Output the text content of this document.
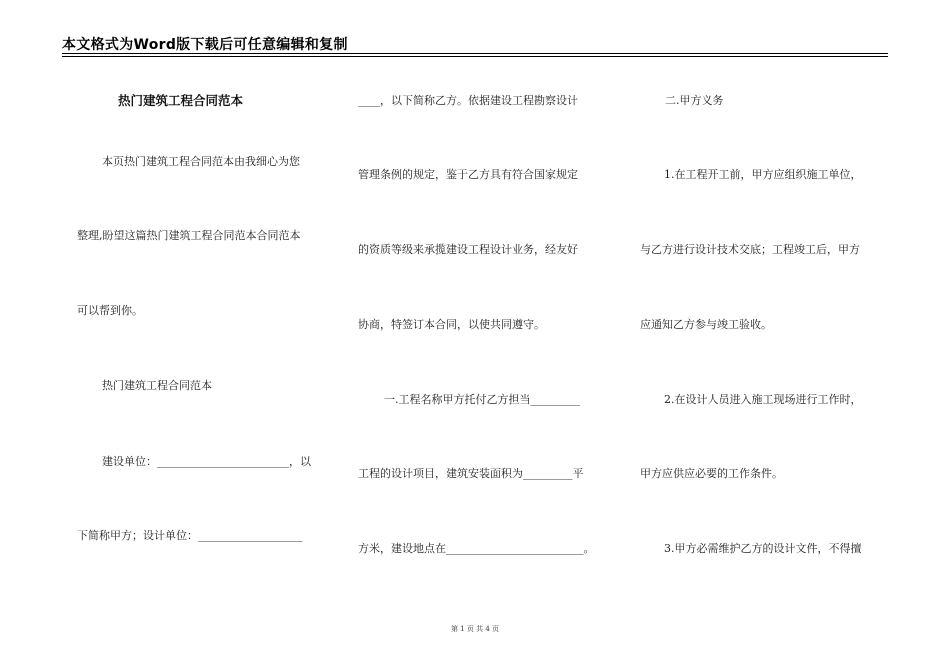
本文格式为Word版下载后可任意编辑和复制
热门建筑工程合同范本
本页热门建筑工程合同范本由我细心为您
整理,盼望这篇热门建筑工程合同范本合同范本
可以帮到你。
热门建筑工程合同范本
建设单位：________________________，以
下简称甲方；设计单位：___________________
____，以下简称乙方。依据建设工程勘察设计
管理条例的规定，鉴于乙方具有符合国家规定
的资质等级来承揽建设工程设计业务，经友好
协商，特签订本合同，以使共同遵守。
一.工程名称甲方托付乙方担当_________
工程的设计项目，建筑安装面积为_________平
方米，建设地点在_________________________。
二.甲方义务
1.在工程开工前，甲方应组织施工单位，
与乙方进行设计技术交底；工程竣工后，甲方
应通知乙方参与竣工验收。
2.在设计人员进入施工现场进行工作时，
甲方应供应必要的工作条件。
3.甲方必需维护乙方的设计文件，不得擅
第 1 页 共 4 页
